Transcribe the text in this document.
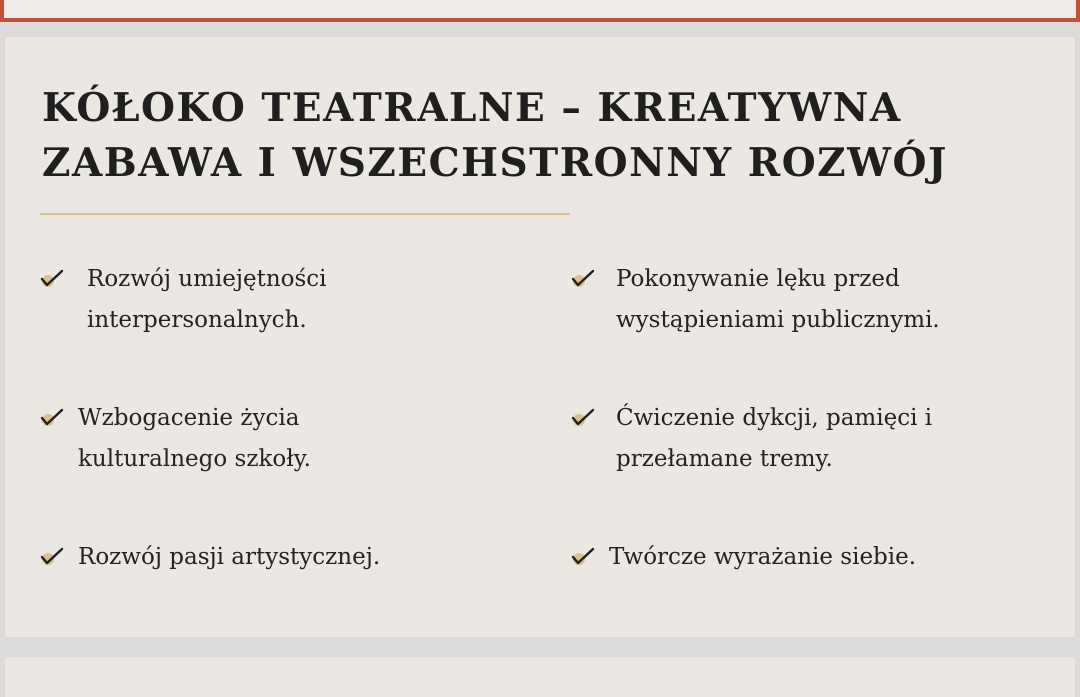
KÓŁOKO TEATRALNE – KREATYWNA ZABAWA I WSZECHSTRONNY ROZWÓJ
Rozwój umiejętności interpersonalnych.
Pokonywanie lęku przed wystąpieniami publicznymi.
Wzbogacenie życia kulturalnego szkoły.
Ćwiczenie dykcji, pamięci i przełamane tremy.
Rozwój pasji artystycznej.	Twórcze wyrażanie siebie.
